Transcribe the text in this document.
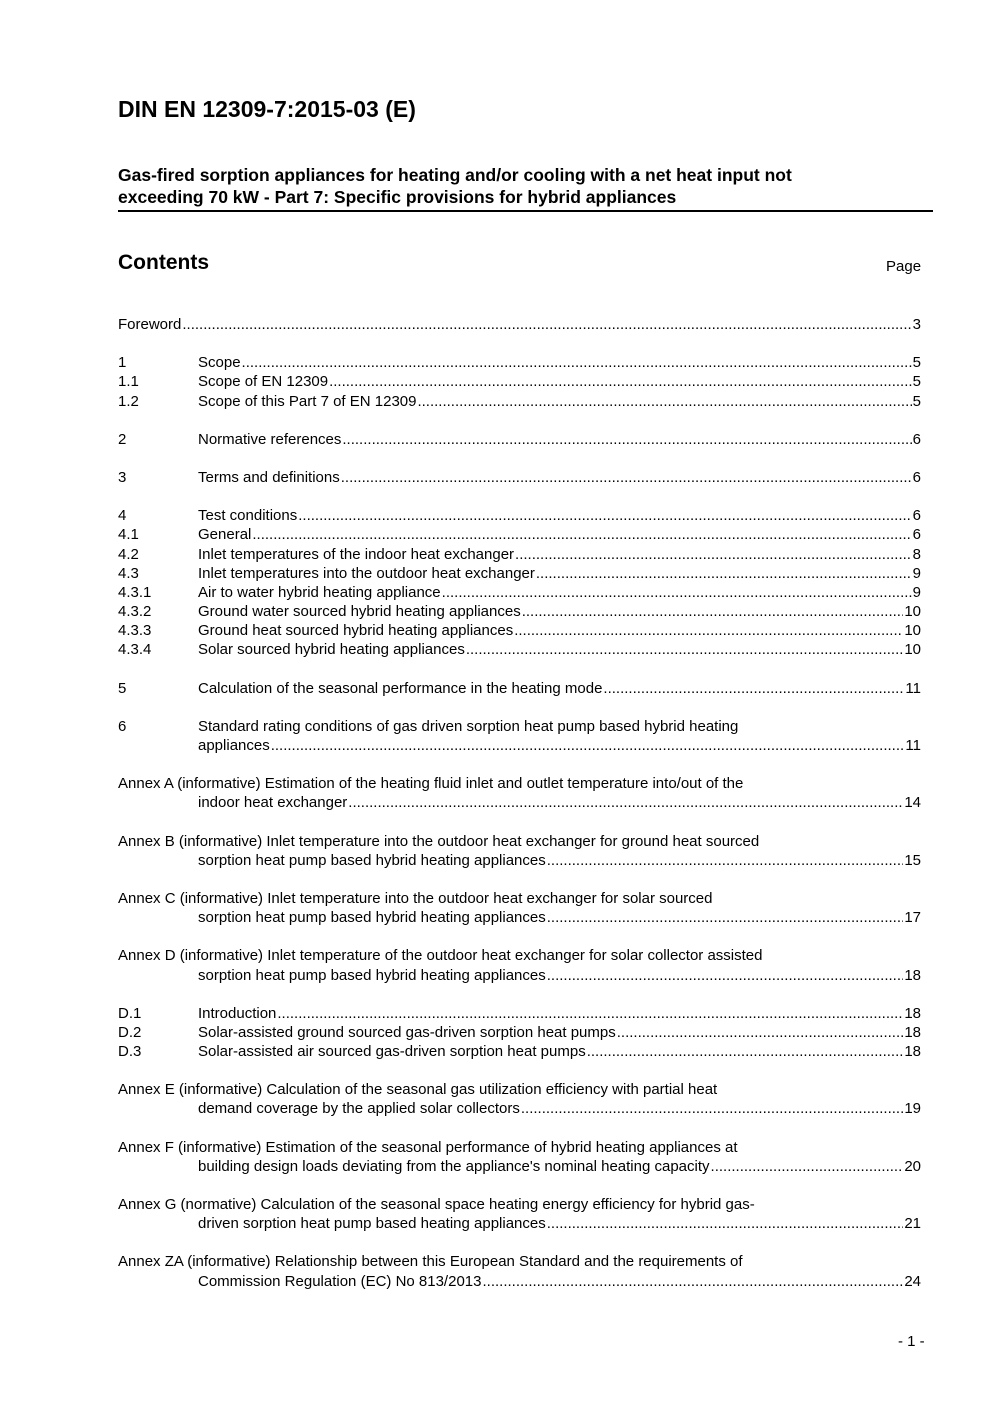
DIN EN 12309-7:2015-03 (E)
Gas-fired sorption appliances for heating and/or cooling with a net heat input not
exceeding 70 kW - Part 7: Specific provisions for hybrid appliances
Contents	Page
Foreword .....	3
1	Scope .....	5
1.1	Scope of EN 12309 .....	5
1.2	Scope of this Part 7 of EN 12309 .....	5
2	Normative references .....	6
3	Terms and definitions .....	6
4	Test conditions .....	6
4.1	General .....	6
4.2	Inlet temperatures of the indoor heat exchanger .....	8
4.3	Inlet temperatures into the outdoor heat exchanger .....	9
4.3.1	Air to water hybrid heating appliance .....	9
4.3.2	Ground water sourced hybrid heating appliances .....	10
4.3.3	Ground heat sourced hybrid heating appliances .....	10
4.3.4	Solar sourced hybrid heating appliances .....	10
5	Calculation of the seasonal performance in the heating mode .....	11
6	Standard rating conditions of gas driven sorption heat pump based hybrid heating
appliances .....	11
Annex A (informative) Estimation of the heating fluid inlet and outlet temperature into/out of the
indoor heat exchanger .....	14
Annex B (informative) Inlet temperature into the outdoor heat exchanger for ground heat sourced
sorption heat pump based hybrid heating appliances .....	15
Annex C (informative) Inlet temperature into the outdoor heat exchanger for solar sourced
sorption heat pump based hybrid heating appliances .....	17
Annex D (informative) Inlet temperature of the outdoor heat exchanger for solar collector assisted
sorption heat pump based hybrid heating appliances .....	18
D.1	Introduction .....	18
D.2	Solar-assisted ground sourced gas-driven sorption heat pumps .....	18
D.3	Solar-assisted air sourced gas-driven sorption heat pumps .....	18
Annex E (informative) Calculation of the seasonal gas utilization efficiency with partial heat
demand coverage by the applied solar collectors .....	19
Annex F (informative) Estimation of the seasonal performance of hybrid heating appliances at
building design loads deviating from the appliance's nominal heating capacity .....	20
Annex G (normative) Calculation of the seasonal space heating energy efficiency for hybrid gas-
driven sorption heat pump based heating appliances .....	21
Annex ZA (informative) Relationship between this European Standard and the requirements of
Commission Regulation (EC) No 813/2013 .....	24
- 1 -
